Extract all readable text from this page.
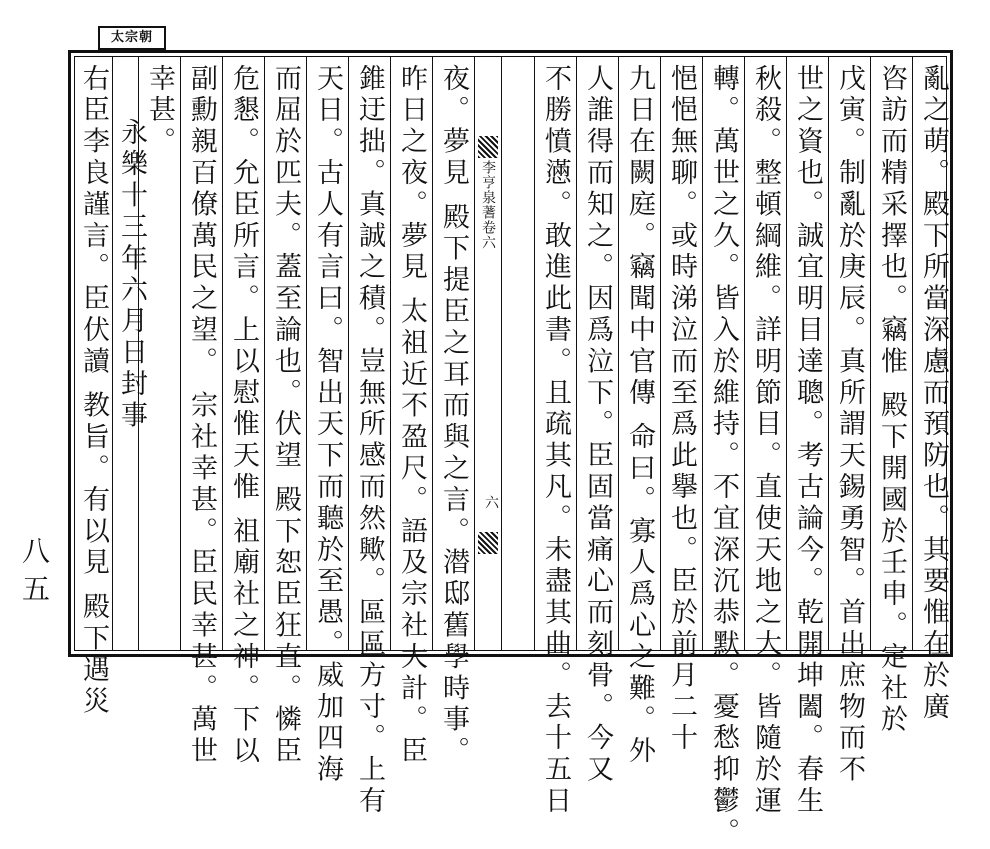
太宗朝
李亨泉蓍卷六
六	亂之萌。殿下所當深慮而預防也。其要惟在於廣
咨訪而精采擇也。竊惟 殿下開國於壬申。定社於
戊寅。制亂於庚辰。真所謂天錫勇智。首出庶物而不
世之資也。誠宜明目達聰。考古論今。乾開坤闔。春生
秋殺。整頓綱維。詳明節目。直使天地之大。皆隨於運
轉。萬世之久。皆入於維持。不宜深沉恭默。憂愁抑鬱。
悒悒無聊。或時涕泣而至爲此擧也。臣於前月二十
九日在闕庭。竊聞中官傳 命曰。寡人爲心之難。外
人誰得而知之。因爲泣下。臣固當痛心而刻骨。今又
不勝憤懣。敢進此書。且疏其凡。未盡其曲。去十五日
夜。夢見 殿下提臣之耳而與之言。潜邸舊學時事。
昨日之夜。夢見 太祖近不盈尺。語及宗社大計。臣
錐迂拙。真誠之積。豈無所感而然歟。區區方寸。上有
天日。古人有言曰。智出天下而聽於至愚。威加四海
而屈於匹夫。蓋至論也。伏望 殿下恕臣狂直。憐臣
危懇。允臣所言。上以慰惟天惟 祖廟社之神。下以
副勳親百僚萬民之望。 宗社幸甚。臣民幸甚。萬世
幸甚。
永樂十三年六月日封事
右臣李良謹言。臣伏讀 教旨。有以見 殿下遇災
八五
